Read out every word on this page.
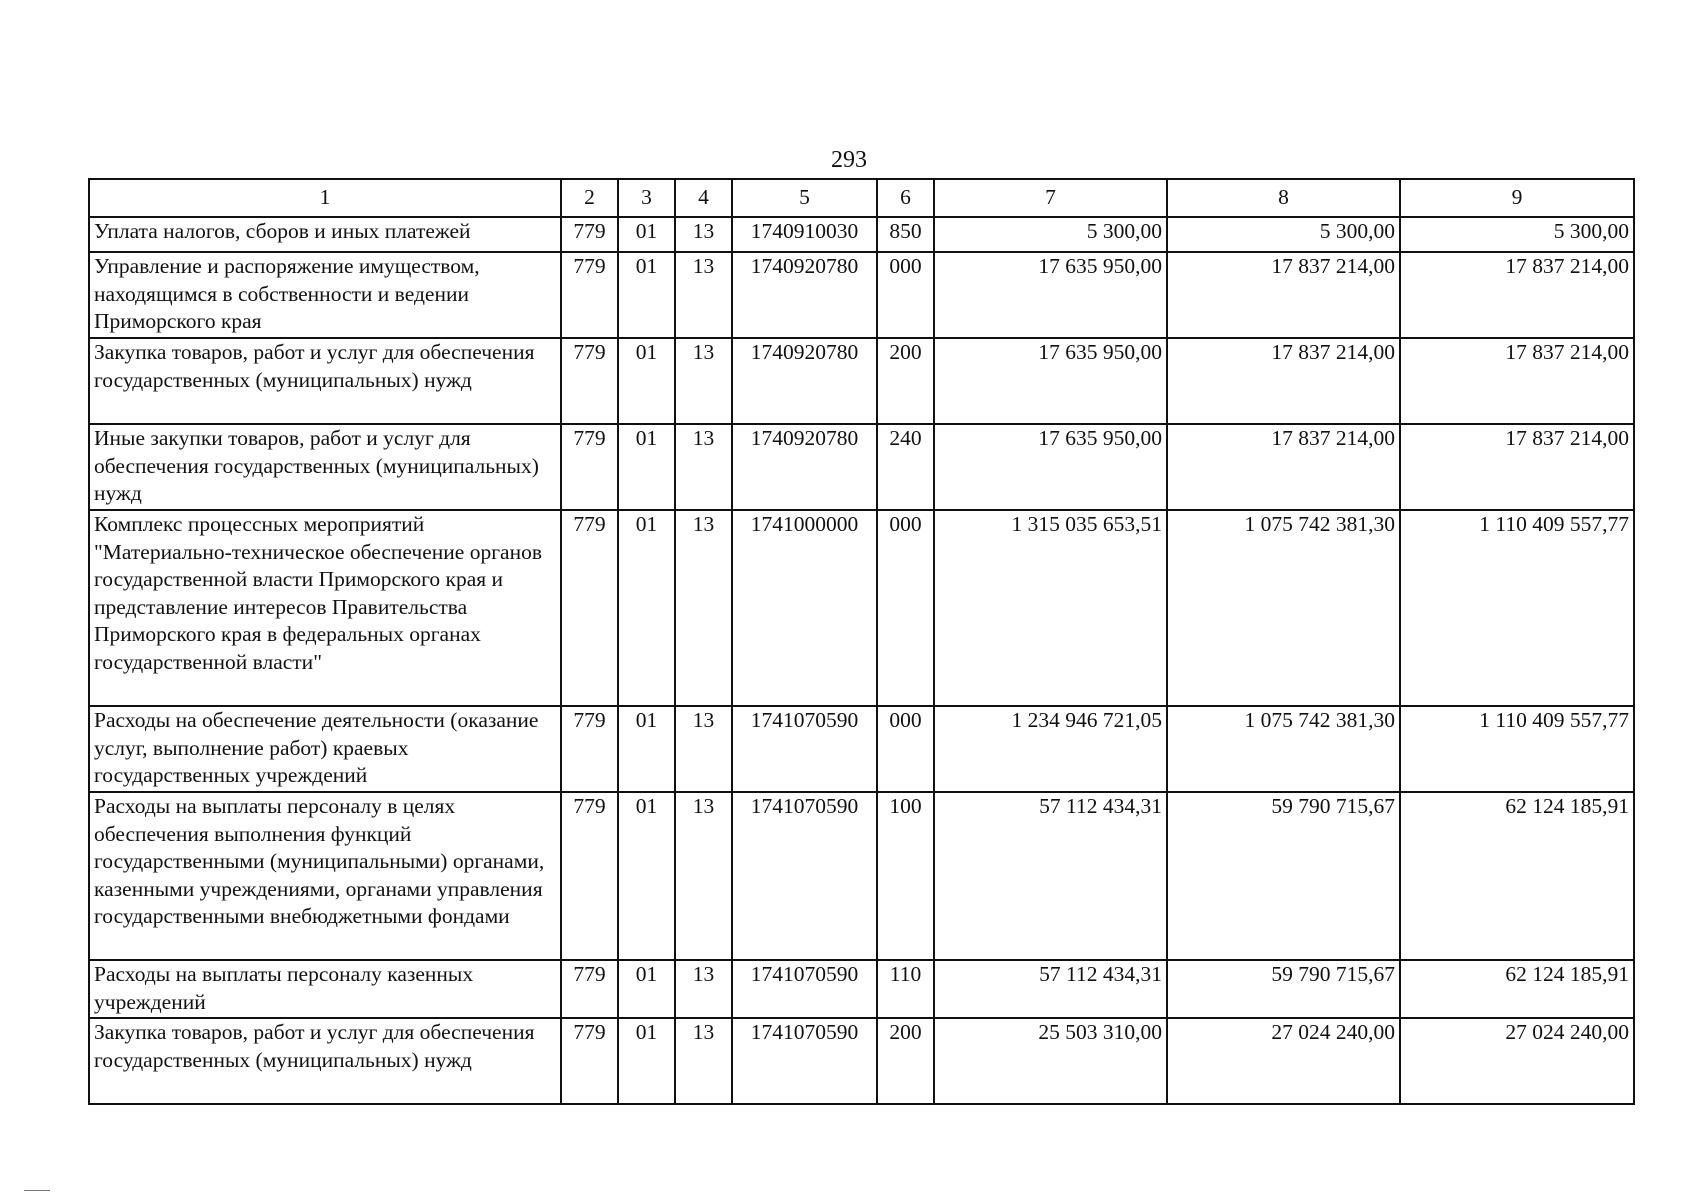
293
1	2	3	4	5	6	7	8	9
Уплата налогов, сборов и иных платежей	779	01	13	1740910030	850	5 300,00	5 300,00	5 300,00
Управление и распоряжение имуществом, находящимся в собственности и ведении Приморского края	779	01	13	1740920780	000	17 635 950,00	17 837 214,00	17 837 214,00
Закупка товаров, работ и услуг для обеспечения государственных (муниципальных) нужд	779	01	13	1740920780	200	17 635 950,00	17 837 214,00	17 837 214,00
Иные закупки товаров, работ и услуг для обеспечения государственных (муниципальных) нужд	779	01	13	1740920780	240	17 635 950,00	17 837 214,00	17 837 214,00
Комплекс процессных мероприятий "Материально-техническое обеспечение органов государственной власти Приморского края и представление интересов Правительства Приморского края в федеральных органах государственной власти"	779	01	13	1741000000	000	1 315 035 653,51	1 075 742 381,30	1 110 409 557,77
Расходы на обеспечение деятельности (оказание услуг, выполнение работ) краевых государственных учреждений	779	01	13	1741070590	000	1 234 946 721,05	1 075 742 381,30	1 110 409 557,77
Расходы на выплаты персоналу в целях обеспечения выполнения функций государственными (муниципальными) органами, казенными учреждениями, органами управления государственными внебюджетными фондами	779	01	13	1741070590	100	57 112 434,31	59 790 715,67	62 124 185,91
Расходы на выплаты персоналу казенных учреждений	779	01	13	1741070590	110	57 112 434,31	59 790 715,67	62 124 185,91
Закупка товаров, работ и услуг для обеспечения государственных (муниципальных) нужд	779	01	13	1741070590	200	25 503 310,00	27 024 240,00	27 024 240,00
